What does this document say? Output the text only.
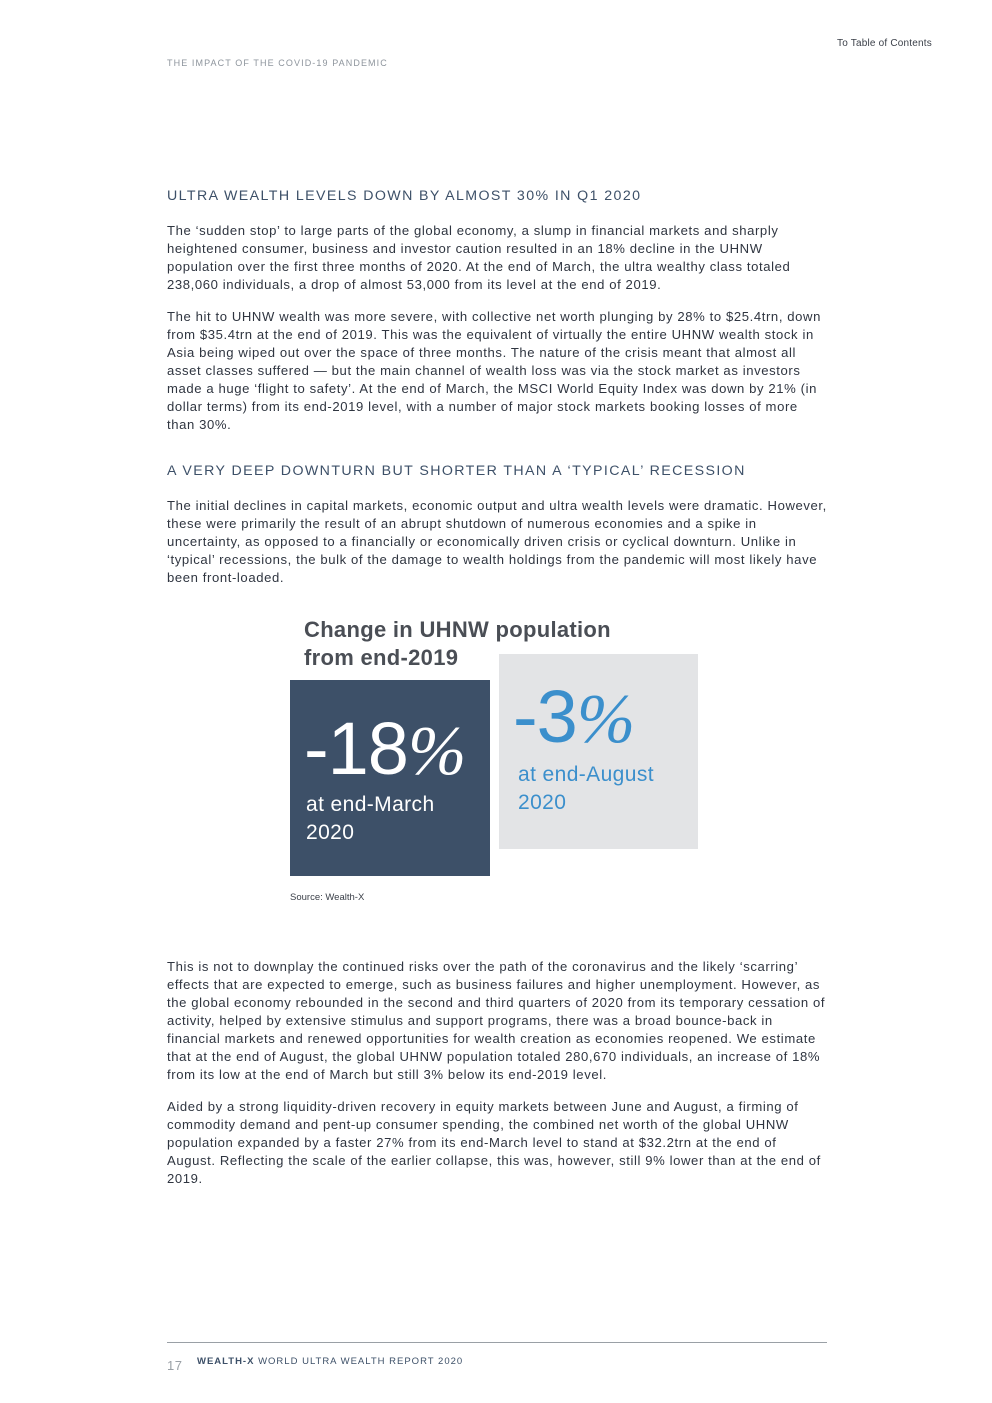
To Table of Contents
THE IMPACT OF THE COVID-19 PANDEMIC
ULTRA WEALTH LEVELS DOWN BY ALMOST 30% IN Q1 2020

The ‘sudden stop’ to large parts of the global economy, a slump in financial markets and sharply heightened consumer, business and investor caution resulted in an 18% decline in the UHNW population over the first three months of 2020. At the end of March, the ultra wealthy class totaled 238,060 individuals, a drop of almost 53,000 from its level at the end of 2019.

The hit to UHNW wealth was more severe, with collective net worth plunging by 28% to $25.4trn, down from $35.4trn at the end of 2019. This was the equivalent of virtually the entire UHNW wealth stock in Asia being wiped out over the space of three months. The nature of the crisis meant that almost all asset classes suffered — but the main channel of wealth loss was via the stock market as investors made a huge ‘flight to safety’. At the end of March, the MSCI World Equity Index was down by 21% (in dollar terms) from its end-2019 level, with a number of major stock markets booking losses of more than 30%.

A VERY DEEP DOWNTURN BUT SHORTER THAN A ‘TYPICAL’ RECESSION

The initial declines in capital markets, economic output and ultra wealth levels were dramatic. However, these were primarily the result of an abrupt shutdown of numerous economies and a spike in uncertainty, as opposed to a financially or economically driven crisis or cyclical downturn. Unlike in ‘typical’ recessions, the bulk of the damage to wealth holdings from the pandemic will most likely have been front-loaded.

Change in UHNW population from end-2019
-3%
at end-August 2020
-18%
at end-March 2020
Source: Wealth-X

This is not to downplay the continued risks over the path of the coronavirus and the likely ‘scarring’ effects that are expected to emerge, such as business failures and higher unemployment. However, as the global economy rebounded in the second and third quarters of 2020 from its temporary cessation of activity, helped by extensive stimulus and support programs, there was a broad bounce-back in financial markets and renewed opportunities for wealth creation as economies reopened. We estimate that at the end of August, the global UHNW population totaled 280,670 individuals, an increase of 18% from its low at the end of March but still 3% below its end-2019 level.

Aided by a strong liquidity-driven recovery in equity markets between June and August, a firming of commodity demand and pent-up consumer spending, the combined net worth of the global UHNW population expanded by a faster 27% from its end-March level to stand at $32.2trn at the end of August. Reflecting the scale of the earlier collapse, this was, however, still 9% lower than at the end of 2019.

17 WEALTH-X WORLD ULTRA WEALTH REPORT 2020
